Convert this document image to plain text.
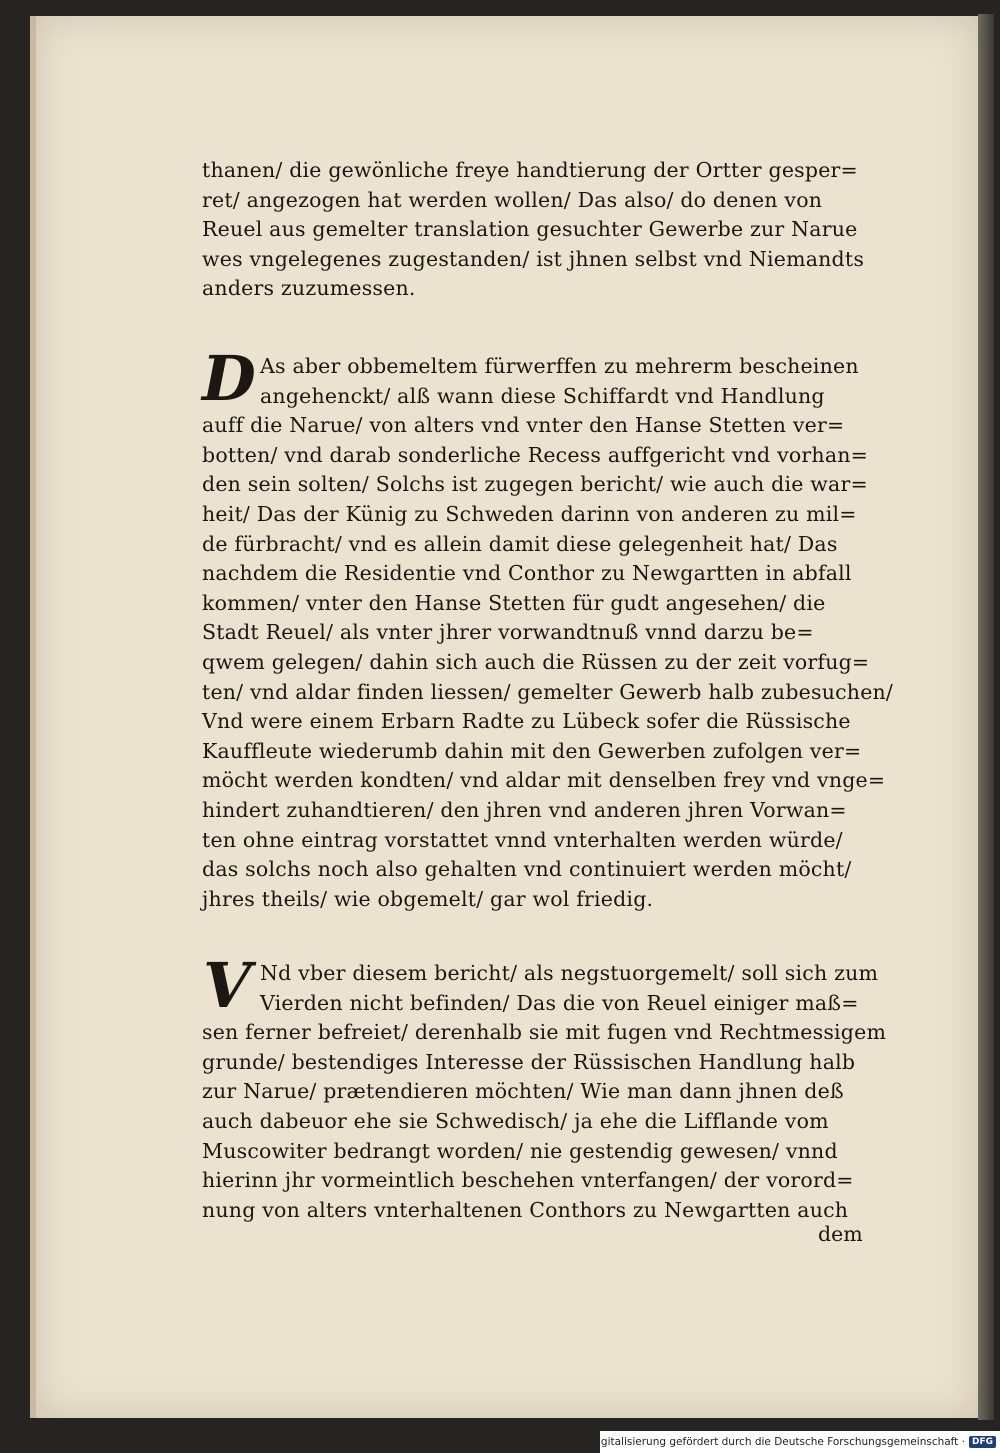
thanen/ die gewönliche freye handtierung der Ortter gesper=
ret/ angezogen hat werden wollen/ Das also/ do denen von
Reuel aus gemelter translation gesuchter Gewerbe zur Narue
wes vngelegenes zugestanden/ ist jhnen selbst vnd Niemandts
anders zuzumessen.
D As aber obbemeltem fürwerffen zu mehrerm bescheinen
angehenckt/ alß wann diese Schiffardt vnd Handlung
auff die Narue/ von alters vnd vnter den Hanse Stetten ver=
botten/ vnd darab sonderliche Recess auffgericht vnd vorhan=
den sein solten/ Solchs ist zugegen bericht/ wie auch die war=
heit/ Das der Künig zu Schweden darinn von anderen zu mil=
de fürbracht/ vnd es allein damit diese gelegenheit hat/ Das
nachdem die Residentie vnd Conthor zu Newgartten in abfall
kommen/ vnter den Hanse Stetten für gudt angesehen/ die
Stadt Reuel/ als vnter jhrer vorwandtnuß vnnd darzu be=
qwem gelegen/ dahin sich auch die Rüssen zu der zeit vorfug=
ten/ vnd aldar finden liessen/ gemelter Gewerb halb zubesuchen/
Vnd were einem Erbarn Radte zu Lübeck sofer die Rüssische
Kauffleute wiederumb dahin mit den Gewerben zufolgen ver=
möcht werden kondten/ vnd aldar mit denselben frey vnd vnge=
hindert zuhandtieren/ den jhren vnd anderen jhren Vorwan=
ten ohne eintrag vorstattet vnnd vnterhalten werden würde/
das solchs noch also gehalten vnd continuiert werden möcht/
jhres theils/ wie obgemelt/ gar wol friedig.
V Nd vber diesem bericht/ als negstuorgemelt/ soll sich zum
Vierden nicht befinden/ Das die von Reuel einiger maß=
sen ferner befreiet/ derenhalb sie mit fugen vnd Rechtmessigem
grunde/ bestendiges Interesse der Rüssischen Handlung halb
zur Narue/ prætendieren möchten/ Wie man dann jhnen deß
auch dabeuor ehe sie Schwedisch/ ja ehe die Lifflande vom
Muscowiter bedrangt worden/ nie gestendig gewesen/ vnnd
hierinn jhr vormeintlich beschehen vnterfangen/ der vorord=
nung von alters vnterhaltenen Conthors zu Newgartten auch
dem
Digitalisierung gefördert durch die Deutsche Forschungsgemeinschaft · DFG
